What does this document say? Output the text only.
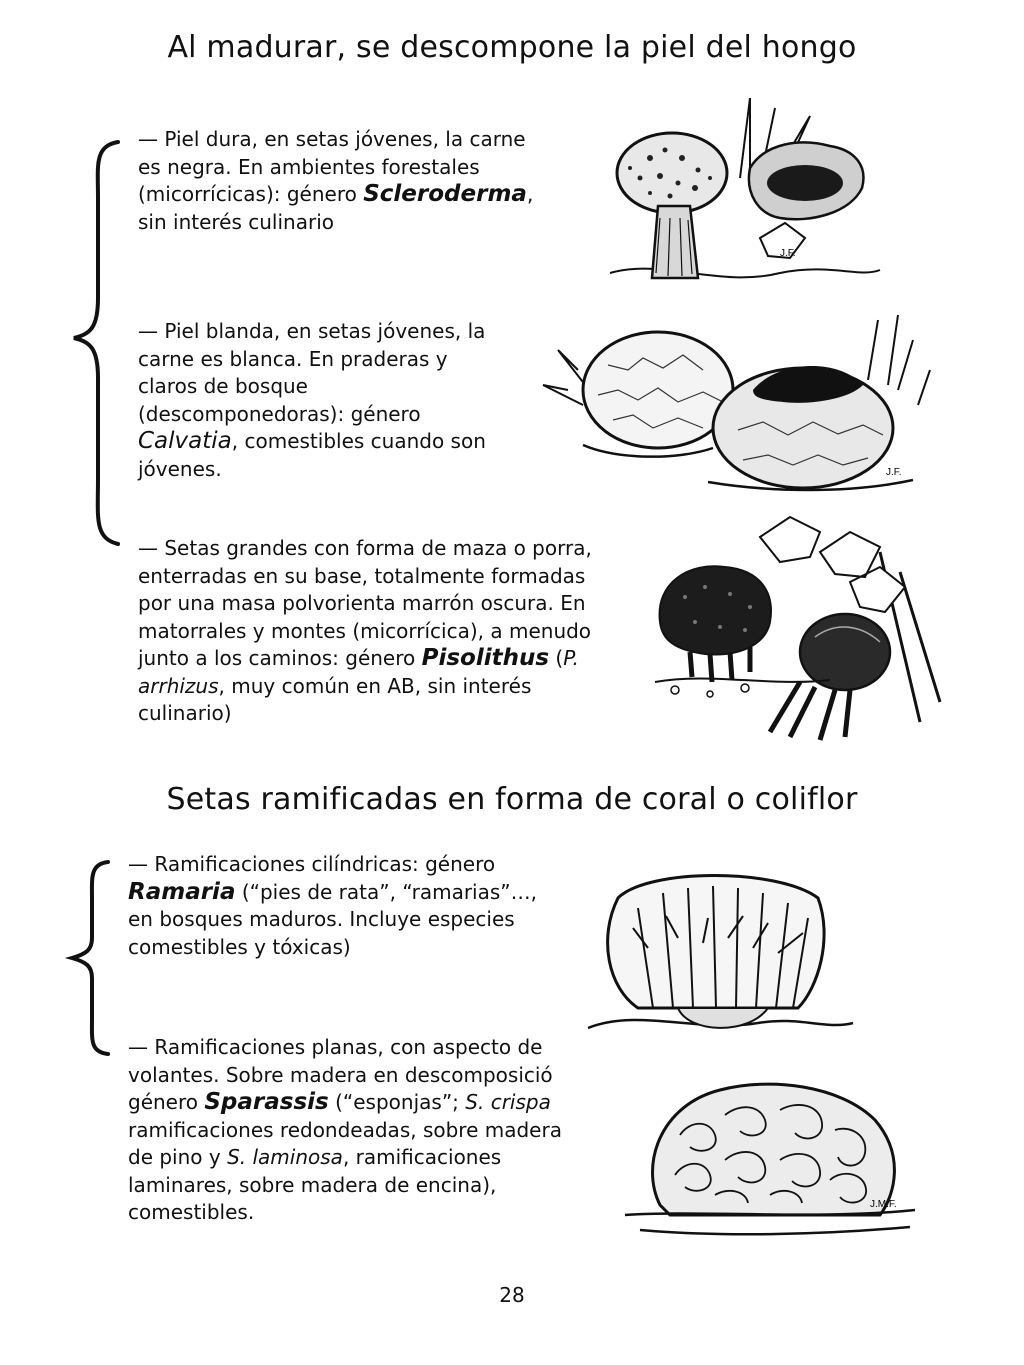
Al madurar, se descompone la piel del hongo
— Piel dura, en setas jóvenes, la carne
es negra. En ambientes forestales
(micorrícicas): género Scleroderma,
sin interés culinario
J.F.
— Piel blanda, en setas jóvenes, la
carne es blanca. En praderas y
claros de bosque
(descomponedoras): género
Calvatia, comestibles cuando son
jóvenes.	J.F.
— Setas grandes con forma de maza o porra,
enterradas en su base, totalmente formadas
por una masa polvorienta marrón oscura. En
matorrales y montes (micorrícica), a menudo
junto a los caminos: género Pisolithus (P.
arrhizus, muy común en AB, sin interés
culinario)
Setas ramificadas en forma de coral o coliflor
— Ramificaciones cilíndricas: género
Ramaria (“pies de rata”, “ramarias”…,
en bosques maduros. Incluye especies
comestibles y tóxicas)
— Ramificaciones planas, con aspecto de
volantes. Sobre madera en descomposició
género Sparassis (“esponjas”; S. crispa
ramificaciones redondeadas, sobre madera
de pino y S. laminosa, ramificaciones
laminares, sobre madera de encina),
comestibles.	J.M.F.
28
